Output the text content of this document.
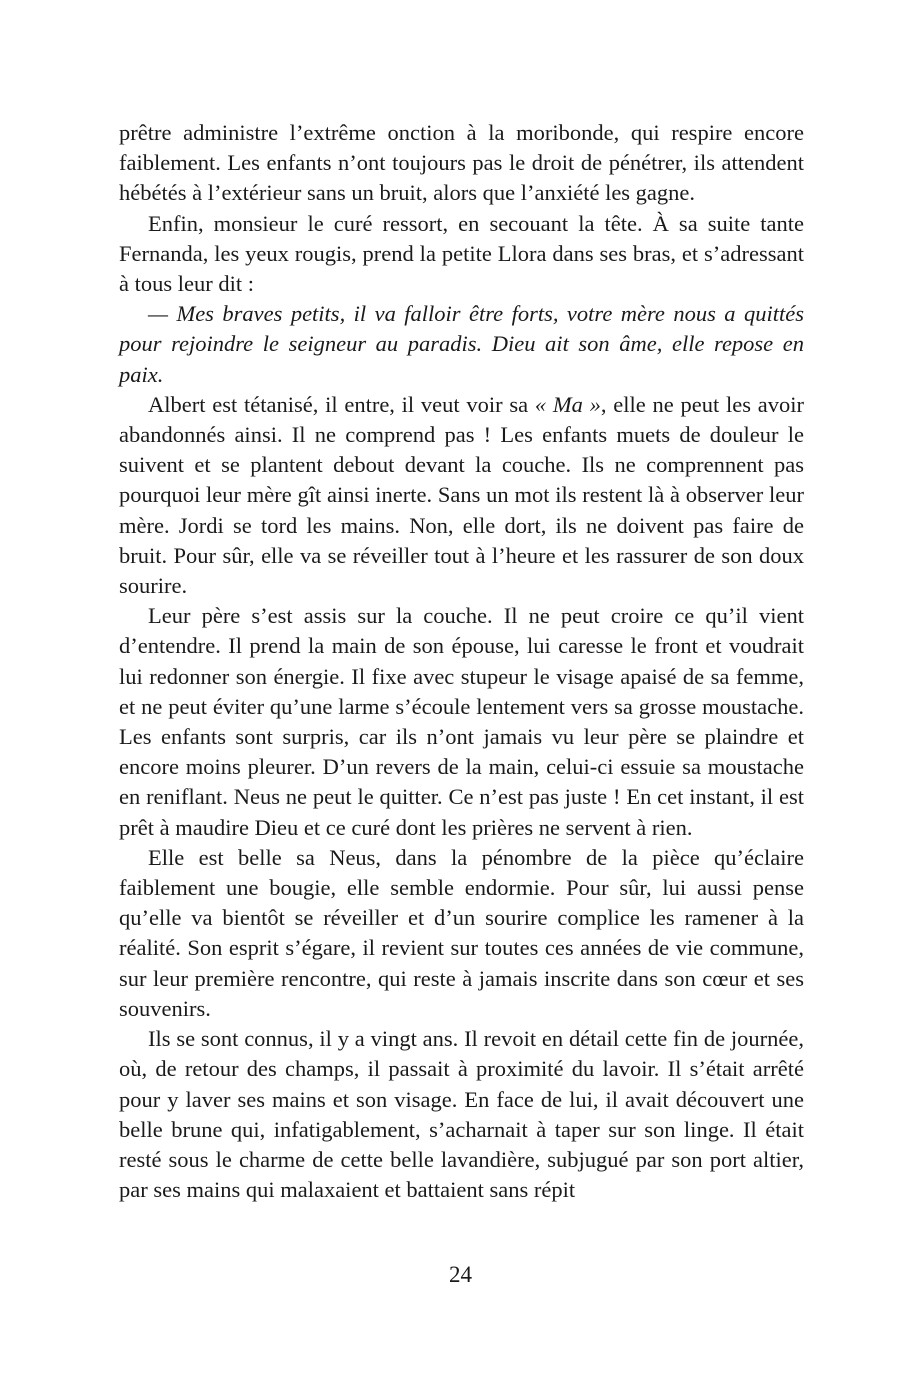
prêtre administre l’extrême onction à la moribonde, qui respire encore faiblement. Les enfants n’ont toujours pas le droit de pénétrer, ils attendent hébétés à l’extérieur sans un bruit, alors que l’anxiété les gagne.

Enfin, monsieur le curé ressort, en secouant la tête. À sa suite tante Fernanda, les yeux rougis, prend la petite Llora dans ses bras, et s’adressant à tous leur dit :

— Mes braves petits, il va falloir être forts, votre mère nous a quittés pour rejoindre le seigneur au paradis. Dieu ait son âme, elle repose en paix.

Albert est tétanisé, il entre, il veut voir sa « Ma », elle ne peut les avoir abandonnés ainsi. Il ne comprend pas ! Les enfants muets de douleur le suivent et se plantent debout devant la couche. Ils ne comprennent pas pourquoi leur mère gît ainsi inerte. Sans un mot ils restent là à observer leur mère. Jordi se tord les mains. Non, elle dort, ils ne doivent pas faire de bruit. Pour sûr, elle va se réveiller tout à l’heure et les rassurer de son doux sourire.

Leur père s’est assis sur la couche. Il ne peut croire ce qu’il vient d’entendre. Il prend la main de son épouse, lui caresse le front et voudrait lui redonner son énergie. Il fixe avec stupeur le visage apaisé de sa femme, et ne peut éviter qu’une larme s’écoule lentement vers sa grosse moustache. Les enfants sont surpris, car ils n’ont jamais vu leur père se plaindre et encore moins pleurer. D’un revers de la main, celui-ci essuie sa moustache en reniflant. Neus ne peut le quitter. Ce n’est pas juste ! En cet instant, il est prêt à maudire Dieu et ce curé dont les prières ne servent à rien.

Elle est belle sa Neus, dans la pénombre de la pièce qu’éclaire faiblement une bougie, elle semble endormie. Pour sûr, lui aussi pense qu’elle va bientôt se réveiller et d’un sourire complice les ramener à la réalité. Son esprit s’égare, il revient sur toutes ces années de vie commune, sur leur première rencontre, qui reste à jamais inscrite dans son cœur et ses souvenirs.

Ils se sont connus, il y a vingt ans. Il revoit en détail cette fin de journée, où, de retour des champs, il passait à proximité du lavoir. Il s’était arrêté pour y laver ses mains et son visage. En face de lui, il avait découvert une belle brune qui, infatigablement, s’acharnait à taper sur son linge. Il était resté sous le charme de cette belle lavandière, subjugué par son port altier, par ses mains qui malaxaient et battaient sans répit

24
